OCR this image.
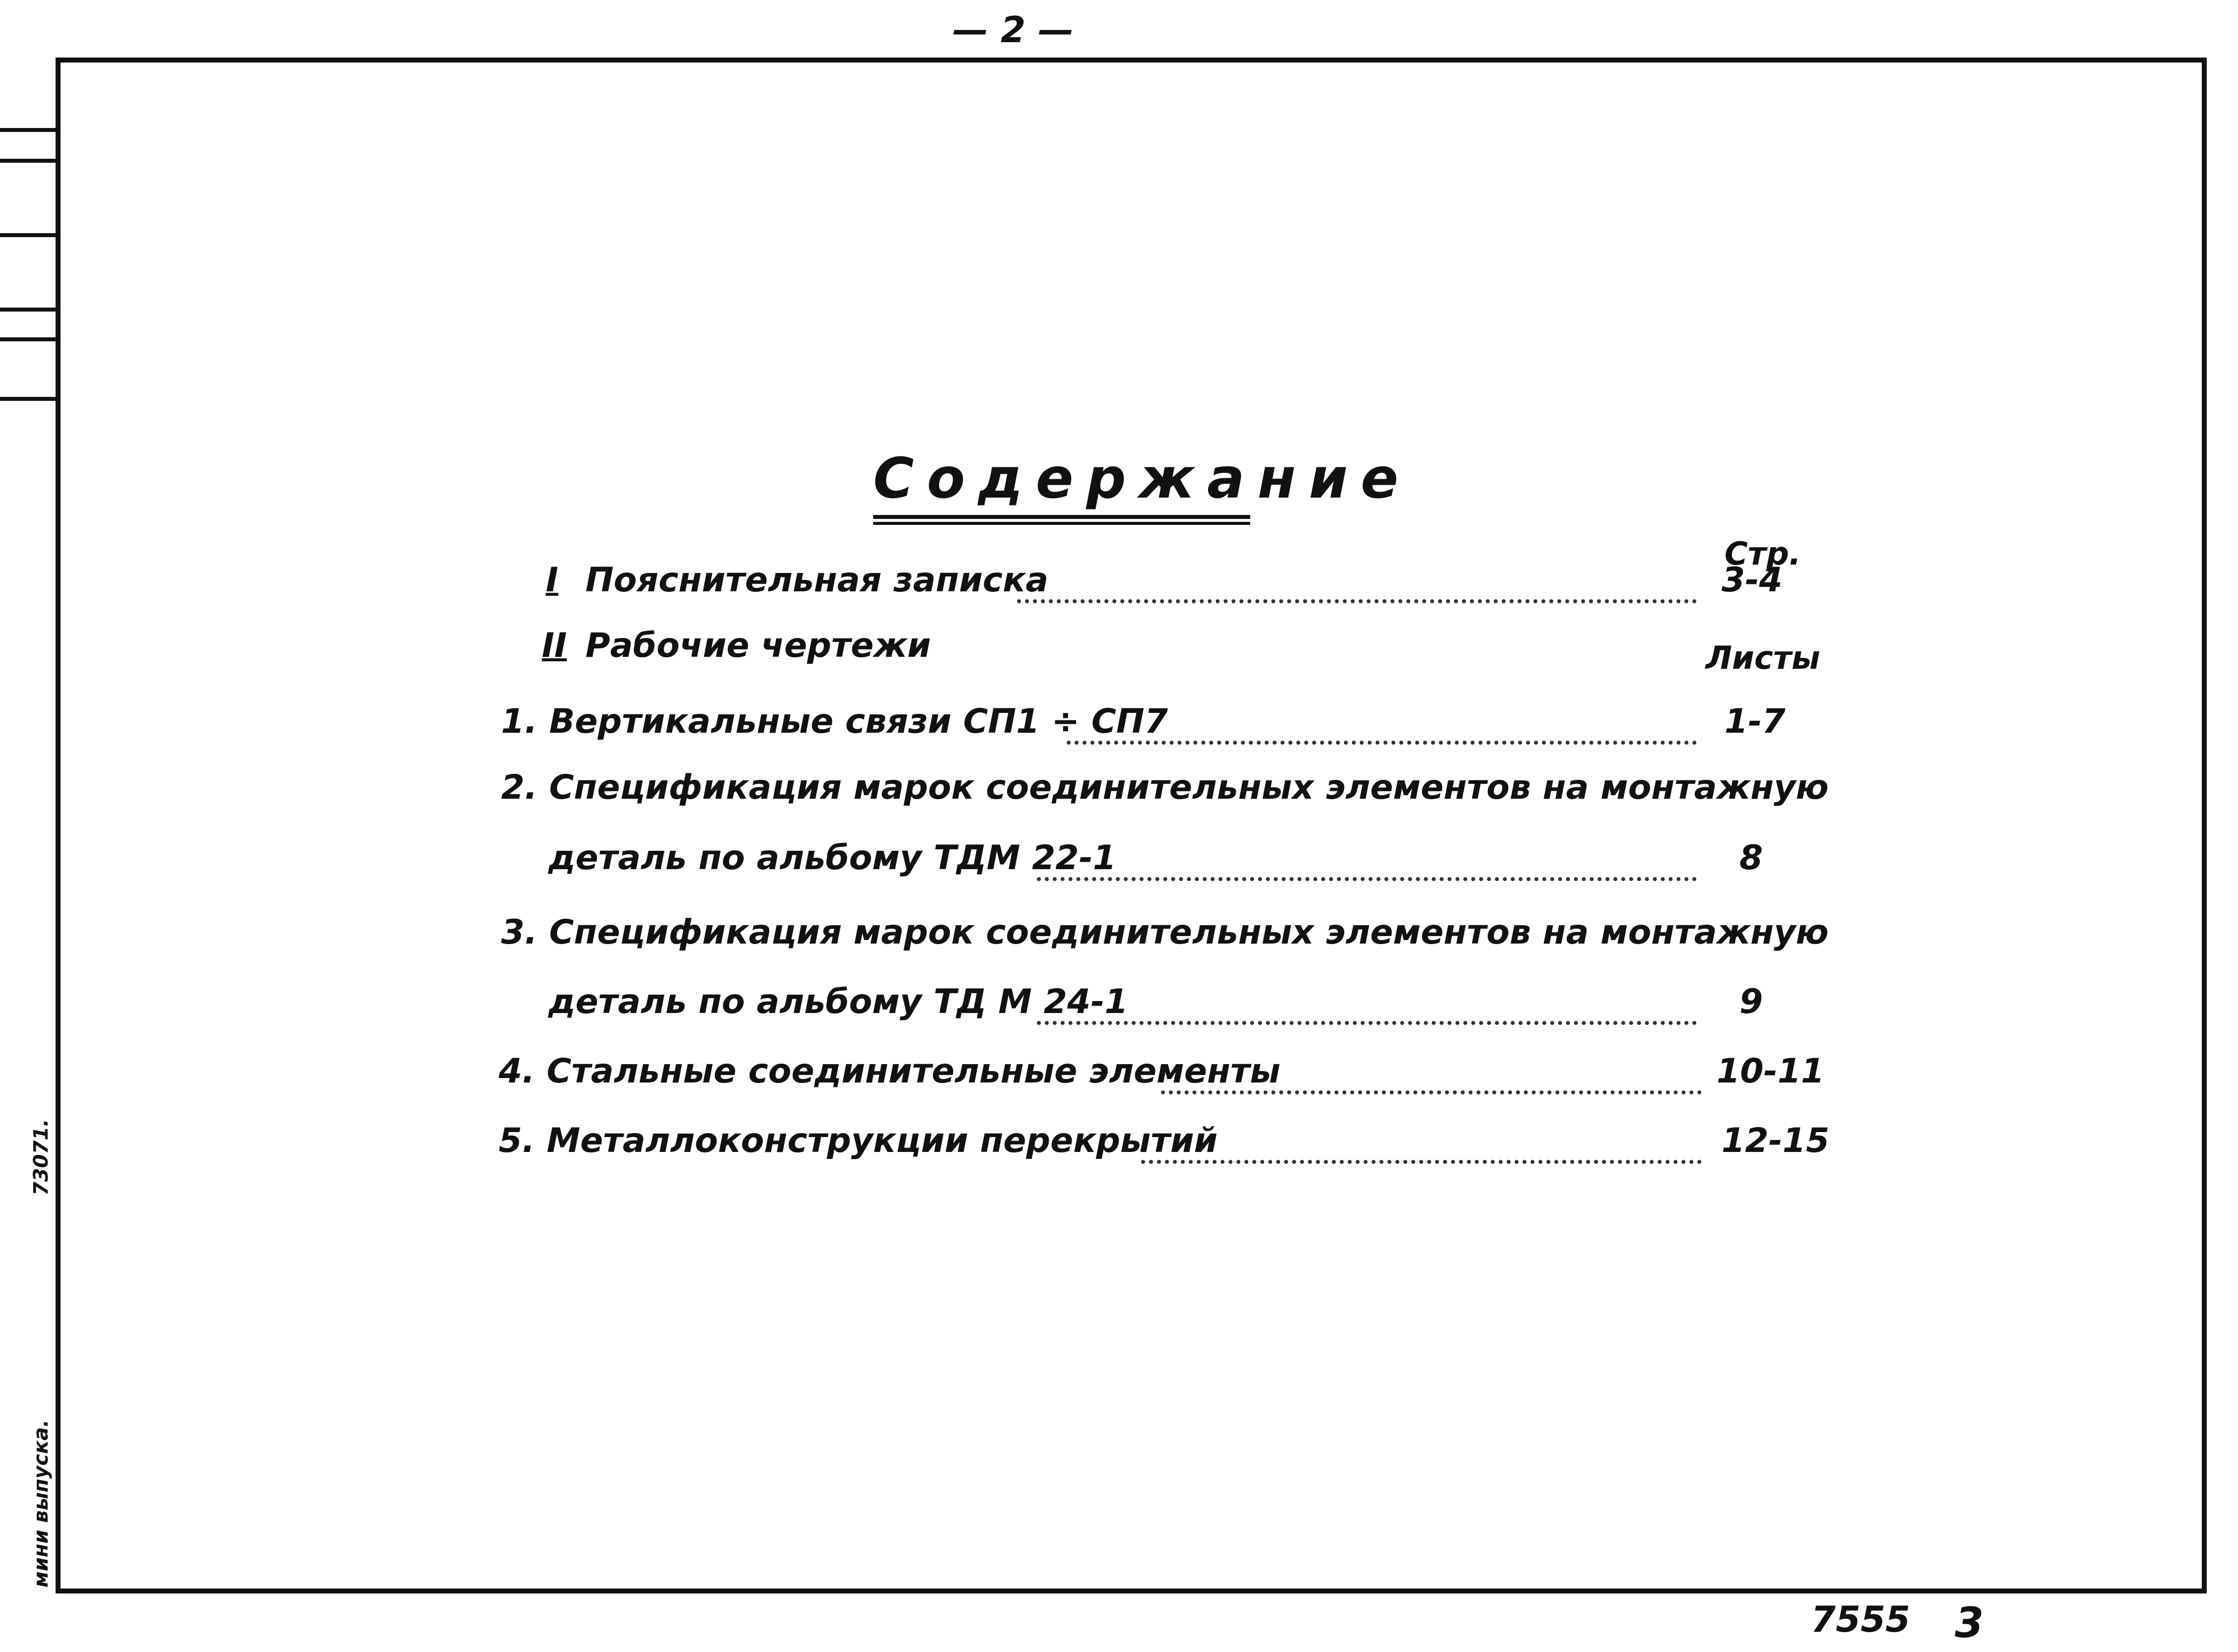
— 2 —
73071.
мини выпуска.
Содержание
Стр.
Листы
I Пояснительная записка	3-4
II Рабочие чертежи
1. Вертикальные связи СП1 ÷ СП7	1-7
2. Спецификация марок соединительных элементов на монтажную
деталь по альбому ТДМ 22-1	8
3. Спецификация марок соединительных элементов на монтажную
деталь по альбому ТД М 24-1	9
4. Стальные соединительные элементы	10-11
5. Металлоконструкции перекрытий	12-15
7555 3
